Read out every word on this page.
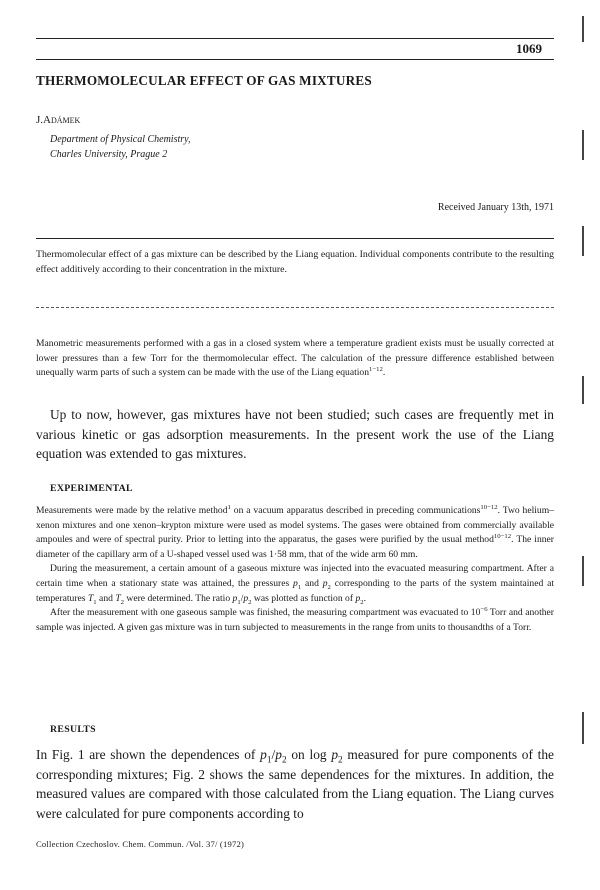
1069
THERMOMOLECULAR EFFECT OF GAS MIXTURES
J.Adámek
Department of Physical Chemistry,
Charles University, Prague 2
Received January 13th, 1971

Thermomolecular effect of a gas mixture can be described by the Liang equation. Individual components contribute to the resulting effect additively according to their concentration in the mixture.

Manometric measurements performed with a gas in a closed system where a temperature gradient exists must be usually corrected at lower pressures than a few Torr for the thermomolecular effect. The calculation of the pressure difference established between unequally warm parts of such a system can be made with the use of the Liang equation$^{1-12}$.

Up to now, however, gas mixtures have not been studied; such cases are frequently met in various kinetic or gas adsorption measurements. In the present work the use of the Liang equation was extended to gas mixtures.

EXPERIMENTAL

Measurements were made by the relative method$^1$ on a vacuum apparatus described in preceding communications$^{10-12}$. Two helium–xenon mixtures and one xenon–krypton mixture were used as model systems. The gases were obtained from commercially available ampoules and were of spectral purity. Prior to letting into the apparatus, the gases were purified by the usual method$^{10-12}$. The inner diameter of the capillary arm of a U-shaped vessel used was 1·58 mm, that of the wide arm 60 mm.

During the measurement, a certain amount of a gaseous mixture was injected into the evacuated measuring compartment. After a certain time when a stationary state was attained, the pressures $p_1$ and $p_2$ corresponding to the parts of the system maintained at temperatures $T_1$ and $T_2$ were determined. The ratio $p_1/p_2$ was plotted as function of $p_2$.

After the measurement with one gaseous sample was finished, the measuring compartment was evacuated to $10^{-6}$ Torr and another sample was injected. A given gas mixture was in turn subjected to measurements in the range from units to thousandths of a Torr.

RESULTS

In Fig. 1 are shown the dependences of $p_1/p_2$ on $\log p_2$ measured for pure components of the corresponding mixtures; Fig. 2 shows the same dependences for the mixtures. In addition, the measured values are compared with those calculated from the Liang equation. The Liang curves were calculated for pure components according to

Collection Czechoslov. Chem. Commun. /Vol. 37/ (1972)
